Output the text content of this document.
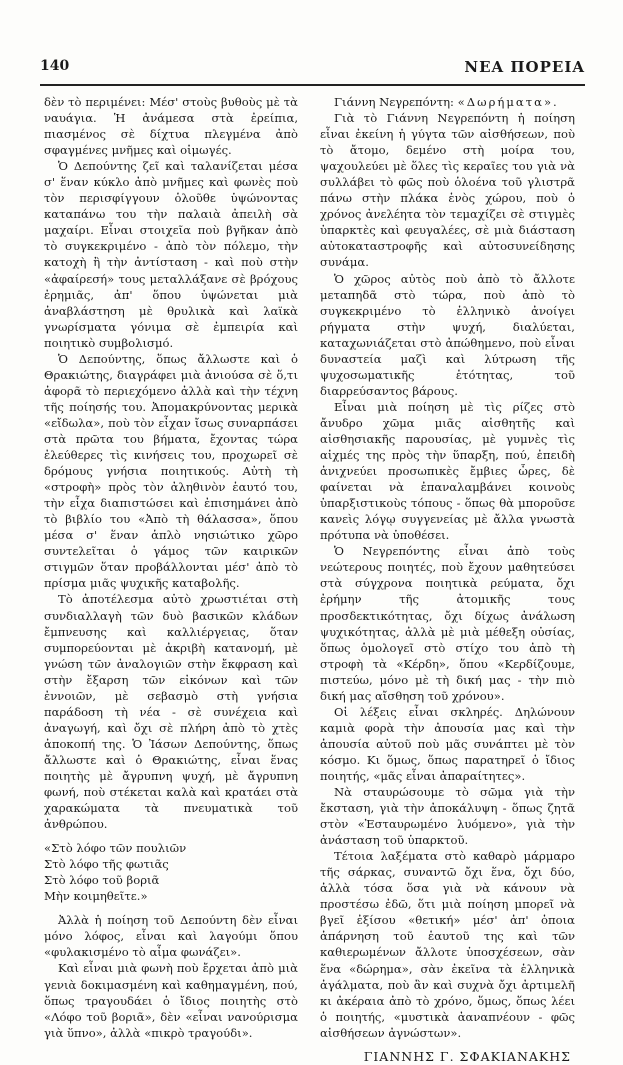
140	ΝΕΑ ΠΟΡΕΙΑ

δὲν τὸ περιμένει: Μέσ' στοὺς βυθοὺς μὲ τὰ ναυάγια. Ἡ ἀνάμεσα στὰ ἐρείπια, πιασμένος σὲ δίχτυα πλεγμένα ἀπὸ σφαγμένες μνῆμες καὶ οἰμωγές.

Ὁ Δεπούντης ζεῖ καὶ ταλανίζεται μέσα σ' ἕναν κύκλο ἀπὸ μνῆμες καὶ φωνὲς ποὺ τὸν περισφίγγουν ὁλοῦθε ὑψώνοντας καταπάνω του τὴν παλαιὰ ἀπειλὴ σὰ μαχαίρι. Εἶναι στοιχεῖα ποὺ βγῆκαν ἀπὸ τὸ συγκεκριμένο - ἀπὸ τὸν πόλεμο, τὴν κατοχὴ ἢ τὴν ἀντίσταση - καὶ ποὺ στὴν «ἀφαίρεσή» τους μεταλλάξανε σὲ βρόχους ἐρημιᾶς, ἀπ' ὅπου ὑψώνεται μιὰ ἀναβλάστηση μὲ θρυλικὰ καὶ λαϊκὰ γνωρίσματα γόνιμα σὲ ἐμπειρία καὶ ποιητικὸ συμβολισμό.

Ὁ Δεπούντης, ὅπως ἄλλωστε καὶ ὁ Θρακιώτης, διαγράφει μιὰ ἀνιούσα σὲ ὅ,τι ἀφορᾶ τὸ περιεχόμενο ἀλλὰ καὶ τὴν τέχνη τῆς ποίησής του. Ἀπομακρύνοντας μερικὰ «εἴδωλα», ποὺ τὸν εἶχαν ἴσως συναρπάσει στὰ πρῶτα του βήματα, ἔχοντας τώρα ἐλεύθερες τὶς κινήσεις του, προχωρεῖ σὲ δρόμους γνήσια ποιητικούς. Αὐτὴ τὴ «στροφὴ» πρὸς τὸν ἀληθινὸν ἑαυτό του, τὴν εἶχα διαπιστώσει καὶ ἐπισημάνει ἀπὸ τὸ βιβλίο του «Ἀπὸ τὴ θάλασσα», ὅπου μέσα σ' ἕναν ἁπλὸ νησιώτικο χῶρο συντελεῖται ὁ γάμος τῶν καιρικῶν στιγμῶν ὅταν προβάλλονται μέσ' ἀπὸ τὸ πρίσμα μιᾶς ψυχικῆς καταβολῆς.

Τὸ ἀποτέλεσμα αὐτὸ χρωστιέται στὴ συνδιαλλαγὴ τῶν δυὸ βασικῶν κλάδων ἔμπνευσης καὶ καλλιέργειας, ὅταν συμπορεύονται μὲ ἀκριβὴ κατανομή, μὲ γνώση τῶν ἀναλογιῶν στὴν ἔκφραση καὶ στὴν ἔξαρση τῶν εἰκόνων καὶ τῶν ἐννοιῶν, μὲ σεβασμὸ στὴ γνήσια παράδοση τὴ νέα - σὲ συνέχεια καὶ ἀναγωγή, καὶ ὄχι σὲ πλήρη ἀπὸ τὸ χτὲς ἀποκοπή της. Ὁ Ἰάσων Δεπούντης, ὅπως ἄλλωστε καὶ ὁ Θρακιώτης, εἶναι ἕνας ποιητὴς μὲ ἄγρυπνη ψυχή, μὲ ἄγρυπνη φωνή, ποὺ στέκεται καλὰ καὶ κρατάει στὰ χαρακώματα τὰ πνευματικὰ τοῦ ἀνθρώπου.

«Στὸ λόφο τῶν πουλιῶν
Στὸ λόφο τῆς φωτιᾶς
Στὸ λόφο τοῦ βοριᾶ
Μὴν κοιμηθεῖτε.»

Ἀλλὰ ἡ ποίηση τοῦ Δεπούντη δὲν εἶναι μόνο λόφος, εἶναι καὶ λαγούμι ὅπου «φυλακισμένο τὸ αἷμα φωνάζει».

Καὶ εἶναι μιὰ φωνὴ ποὺ ἔρχεται ἀπὸ μιὰ γενιὰ δοκιμασμένη καὶ καθημαγμένη, πού, ὅπως τραγουδάει ὁ ἴδιος ποιητὴς στὸ «Λόφο τοῦ βοριᾶ», δὲν «εἶναι νανούρισμα γιὰ ὕπνο», ἀλλὰ «πικρὸ τραγούδι».

Γιάννη Νεγρεπόντη: «Δωρήματα».

Γιὰ τὸ Γιάννη Νεγρεπόντη ἡ ποίηση εἶναι ἐκείνη ἡ γύγτα τῶν αἰσθήσεων, ποὺ τὸ ἄτομο, δεμένο στὴ μοίρα του, ψαχουλεύει μὲ ὅλες τὶς κεραῖες του γιὰ νὰ συλλάβει τὸ φῶς ποὺ ὁλοένα τοῦ γλιστρᾶ πάνω στὴν πλάκα ἑνὸς χώρου, ποὺ ὁ χρόνος ἀνελέητα τὸν τεμαχίζει σὲ στιγμὲς ὑπαρκτὲς καὶ φευγαλέες, σὲ μιὰ διάσταση αὐτοκαταστροφῆς καὶ αὐτοσυνείδησης συνάμα.

Ὁ χῶρος αὐτὸς ποὺ ἀπὸ τὸ ἄλλοτε μεταπηδᾶ στὸ τώρα, ποὺ ἀπὸ τὸ συγκεκριμένο τὸ ἑλληνικὸ ἀνοίγει ρήγματα στὴν ψυχή, διαλύεται, καταχωνιάζεται στὸ ἀπώθημενο, ποὺ εἶναι δυναστεία μαζὶ καὶ λύτρωση τῆς ψυχοσωματικῆς ἑτότητας, τοῦ διαρρεύσαντος βάρους.

Εἶναι μιὰ ποίηση μὲ τὶς ρίζες στὸ ἄνυδρο χῶμα μιᾶς αἰσθητῆς καὶ αἰσθησιακῆς παρουσίας, μὲ γυμνὲς τὶς αἰχμές της πρὸς τὴν ὕπαρξη, πού, ἐπειδὴ ἀνιχνεύει προσωπικὲς ἔμβιες ὧρες, δὲ φαίνεται νὰ ἐπαναλαμβάνει κοινοὺς ὑπαρξιστικοὺς τόπους - ὅπως θὰ μποροῦσε κανεὶς λόγῳ συγγενείας μὲ ἄλλα γνωστὰ πρότυπα νὰ ὑποθέσει.

Ὁ Νεγρεπόντης εἶναι ἀπὸ τοὺς νεώτερους ποιητές, ποὺ ἔχουν μαθητεύσει στὰ σύγχρονα ποιητικὰ ρεύματα, ὄχι ἐρήμην τῆς ἀτομικῆς τους προσδεκτικότητας, ὄχι δίχως ἀνάλωση ψυχικότητας, ἀλλὰ μὲ μιὰ μέθεξη οὐσίας, ὅπως ὁμολογεῖ στὸ στίχο του ἀπὸ τὴ στροφὴ τὰ «Κέρδη», ὅπου «Κερδίζουμε, πιστεύω, μόνο μὲ τὴ δική μας - τὴν πιὸ δική μας αἴσθηση τοῦ χρόνου».

Οἱ λέξεις εἶναι σκληρές. Δηλώνουν καμιὰ φορὰ τὴν ἀπουσία μας καὶ τὴν ἀπουσία αὐτοῦ ποὺ μᾶς συνάπτει μὲ τὸν κόσμο. Κι ὅμως, ὅπως παρατηρεῖ ὁ ἴδιος ποιητής, «μᾶς εἶναι ἀπαραίτητες».

Νὰ σταυρώσουμε τὸ σῶμα γιὰ τὴν ἔκσταση, γιὰ τὴν ἀποκάλυψη - ὅπως ζητᾶ στὸν «Ἐσταυρωμένο λυόμενο», γιὰ τὴν ἀνάσταση τοῦ ὑπαρκτοῦ.

Τέτοια λαξέματα στὸ καθαρὸ μάρμαρο τῆς σάρκας, συναντῶ ὄχι ἕνα, ὄχι δύο, ἀλλὰ τόσα ὅσα γιὰ νὰ κάνουν νὰ προστέσω ἐδῶ, ὅτι μιὰ ποίηση μπορεῖ νὰ βγεῖ ἐξίσου «θετική» μέσ' ἀπ' ὁποια ἀπάρνηση τοῦ ἑαυτοῦ της καὶ τῶν καθιερωμένων ἄλλοτε ὑποσχέσεων, σὰν ἕνα «δώρημα», σὰν ἐκεῖνα τὰ ἑλληνικὰ ἀγάλματα, ποὺ ἂν καὶ συχνὰ ὄχι ἀρτιμελῆ κι ἀκέραια ἀπὸ τὸ χρόνο, ὅμως, ὅπως λέει ὁ ποιητής, «μυστικὰ ἀαναπνέουν - φῶς αἰσθήσεων ἀγνώστων».

ΓΙΑΝΝΗΣ Γ. ΣΦΑΚΙΑΝΑΚΗΣ
